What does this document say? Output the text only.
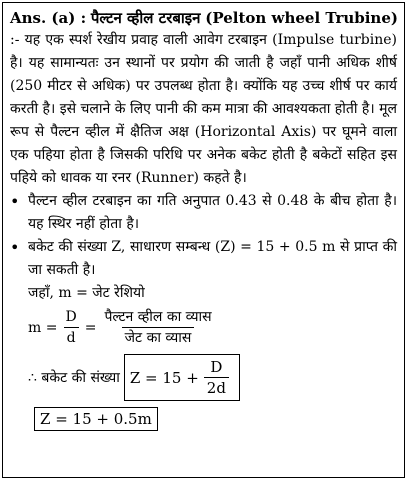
Ans. (a) : पैल्टन व्हील टरबाइन (Pelton wheel Trubine)
:- यह एक स्पर्श रेखीय प्रवाह वाली आवेग टरबाइन (Impulse turbine) है। यह सामान्यतः उन स्थानों पर प्रयोग की जाती है जहाँ पानी अधिक शीर्ष (250 मीटर से अधिक) पर उपलब्ध होता है। क्योंकि यह उच्च शीर्ष पर कार्य करती है। इसे चलाने के लिए पानी की कम मात्रा की आवश्यकता होती है। मूल रूप से पैल्टन व्हील में क्षैतिज अक्ष (Horizontal Axis) पर घूमने वाला एक पहिया होता है जिसकी परिधि पर अनेक बकेट होती है बकेटों सहित इस पहिये को धावक या रनर (Runner) कहते है।
• पैल्टन व्हील टरबाइन का गति अनुपात 0.43 से 0.48 के बीच होता है। यह स्थिर नहीं होता है।
• बकेट की संख्या Z, साधारण सम्बन्ध (Z) = 15 + 0.5 m से प्राप्त की जा सकती है।
जहाँ, m = जेट रेशियो
$m = \frac{D}{d} = \frac{\text{पैल्टन व्हील का व्यास}}{\text{जेट का व्यास}}$
∴ बकेट की संख्या $Z = 15 + \frac{D}{2d}$
Z = 15 + 0.5m
